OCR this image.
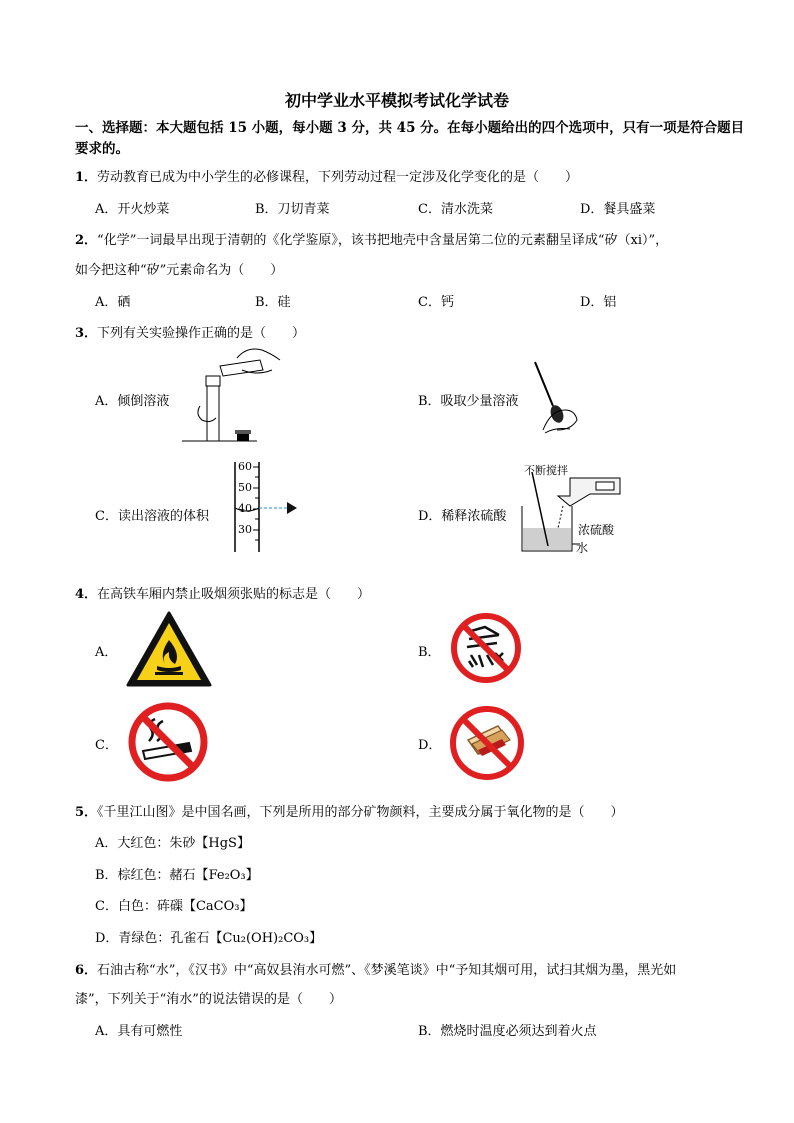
初中学业水平模拟考试化学试卷
一、选择题：本大题包括 15 小题，每小题 3 分，共 45 分。在每小题给出的四个选项中，只有一项是符合题目要求的。
1．劳动教育已成为中小学生的必修课程，下列劳动过程一定涉及化学变化的是（　　）
A．开火炒菜	B．刀切青菜	C．清水洗菜	D．餐具盛菜
2．“化学”一词最早出现于清朝的《化学鉴原》，该书把地壳中含量居第二位的元素翻呈译成“矽（xi）”，
如今把这种“矽”元素命名为（　　）
A．硒	B．硅	C．钙	D．铝
3．下列有关实验操作正确的是（　　）
A．倾倒溶液	B．吸取少量溶液
C．读出溶液的体积	D．稀释浓硫酸
60
50
40
30
不断搅拌
浓硫酸
水
4．在高铁车厢内禁止吸烟须张贴的标志是（　　）
A．	B．
C．	D．
5．《千里江山图》是中国名画，下列是所用的部分矿物颜料，主要成分属于氧化物的是（　　）
A．大红色：朱砂【HgS】
B．棕红色：赭石【Fe₂O₃】
C．白色：砗磲【CaCO₃】
D．青绿色：孔雀石【Cu₂(OH)₂CO₃】
6．石油古称“水”，《汉书》中“高奴县洧水可燃”、《梦溪笔谈》中“予知其烟可用，试扫其烟为墨，黑光如
漆”，下列关于“洧水”的说法错误的是（　　）
A．具有可燃性	B．燃烧时温度必须达到着火点
